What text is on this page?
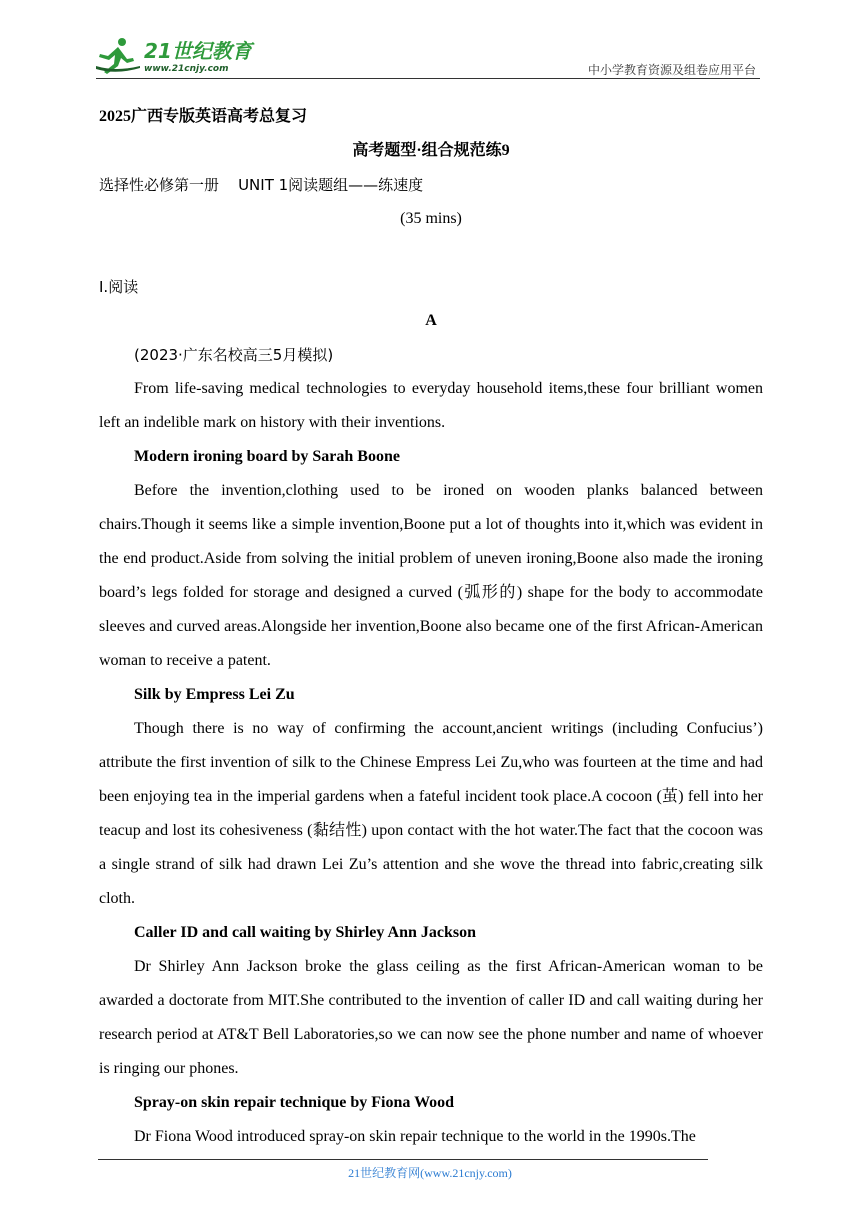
21世纪教育
www.21cnjy.com	中小学教育资源及组卷应用平台
2025广西专版英语高考总复习
高考题型·组合规范练9
选择性必修第一册    UNIT 1阅读题组——练速度
(35 mins)
Ⅰ.阅读
A
(2023·广东名校高三5月模拟)

From life-saving medical technologies to everyday household items,these four brilliant women left an indelible mark on history with their inventions.

Modern ironing board by Sarah Boone

Before the invention,clothing used to be ironed on wooden planks balanced between chairs.Though it seems like a simple invention,Boone put a lot of thoughts into it,which was evident in the end product.Aside from solving the initial problem of uneven ironing,Boone also made the ironing board’s legs folded for storage and designed a curved (弧形的) shape for the body to accommodate sleeves and curved areas.Alongside her invention,Boone also became one of the first African-American woman to receive a patent.

Silk by Empress Lei Zu

Though there is no way of confirming the account,ancient writings (including Confucius’) attribute the first invention of silk to the Chinese Empress Lei Zu,who was fourteen at the time and had been enjoying tea in the imperial gardens when a fateful incident took place.A cocoon (茧) fell into her teacup and lost its cohesiveness (黏结性) upon contact with the hot water.The fact that the cocoon was a single strand of silk had drawn Lei Zu’s attention and she wove the thread into fabric,creating silk cloth.

Caller ID and call waiting by Shirley Ann Jackson

Dr Shirley Ann Jackson broke the glass ceiling as the first African-American woman to be awarded a doctorate from MIT.She contributed to the invention of caller ID and call waiting during her research period at AT&T Bell Laboratories,so we can now see the phone number and name of whoever is ringing our phones.

Spray-on skin repair technique by Fiona Wood

Dr Fiona Wood introduced spray-on skin repair technique to the world in the 1990s.The

21世纪教育网(www.21cnjy.com)
